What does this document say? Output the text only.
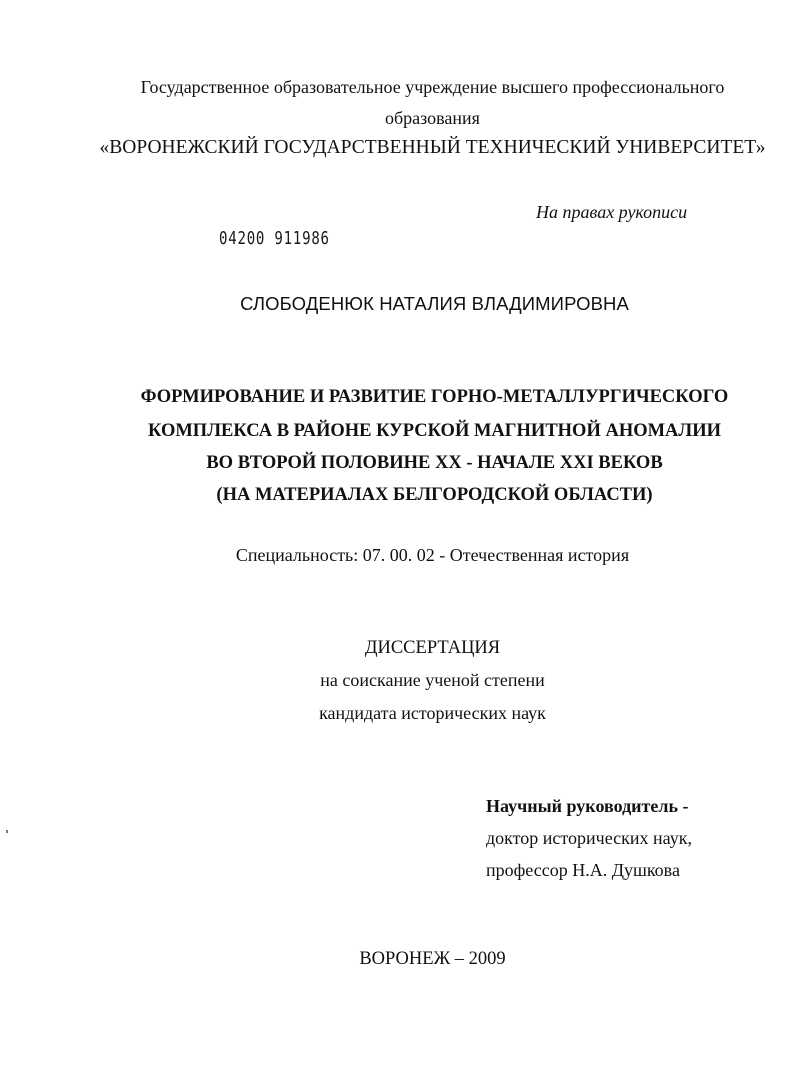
Государственное образовательное учреждение высшего профессионального
образования
«ВОРОНЕЖСКИЙ ГОСУДАРСТВЕННЫЙ ТЕХНИЧЕСКИЙ УНИВЕРСИТЕТ»
На правах рукописи
04200 911986
СЛОБОДЕНЮК НАТАЛИЯ ВЛАДИМИРОВНА
ФОРМИРОВАНИЕ И РАЗВИТИЕ ГОРНО-МЕТАЛЛУРГИЧЕСКОГО
КОМПЛЕКСА В РАЙОНЕ КУРСКОЙ МАГНИТНОЙ АНОМАЛИИ
ВО ВТОРОЙ ПОЛОВИНЕ XX - НАЧАЛЕ XXI ВЕКОВ
(НА МАТЕРИАЛАХ БЕЛГОРОДСКОЙ ОБЛАСТИ)
Специальность: 07. 00. 02 - Отечественная история
ДИССЕРТАЦИЯ
на соискание ученой степени
кандидата исторических наук
Научный руководитель -
доктор исторических наук,
профессор Н.А. Душкова
ВОРОНЕЖ – 2009
